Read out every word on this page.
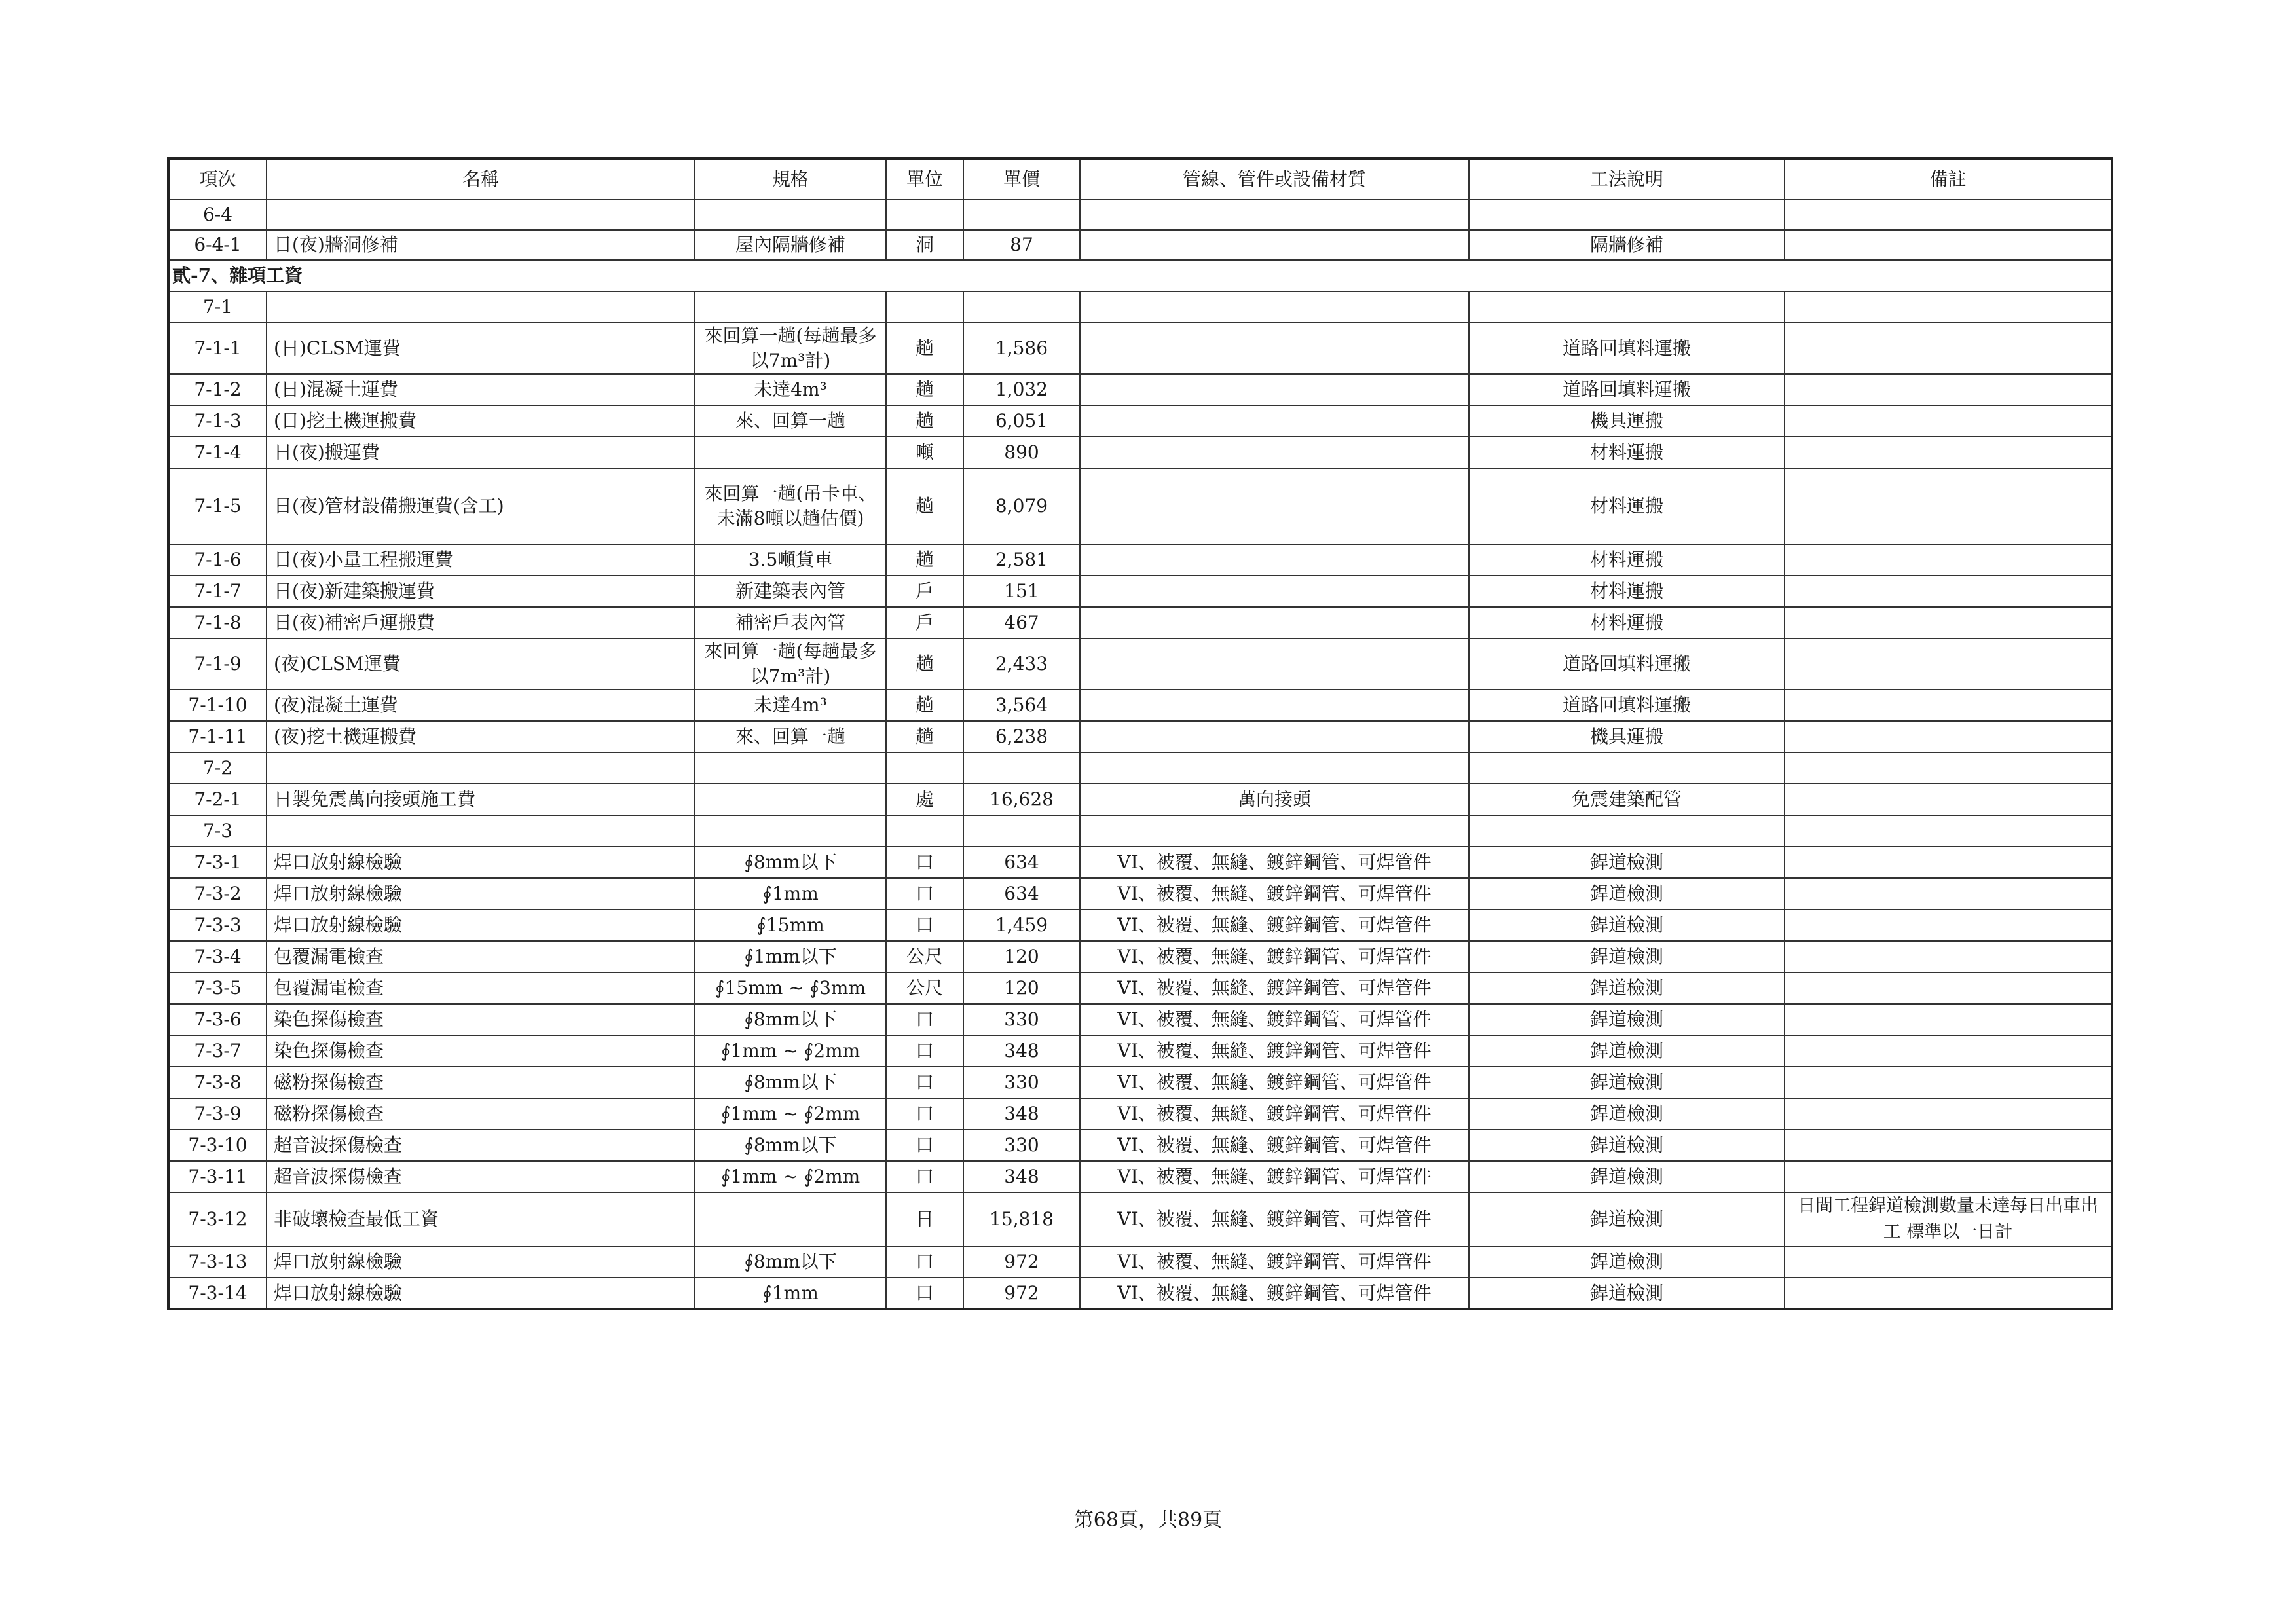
項次	名稱	規格	單位	單價	管線、管件或設備材質	工法說明	備註
6-4							
6-4-1	日(夜)牆洞修補	屋內隔牆修補	洞	87		隔牆修補	
貳-7、雜項工資							
7-1							
7-1-1	(日)CLSM運費	來回算一趟(每趟最多以7m³計)	趟	1,586		道路回填料運搬	
7-1-2	(日)混凝土運費	未達4m³	趟	1,032		道路回填料運搬	
7-1-3	(日)挖土機運搬費	來、回算一趟	趟	6,051		機具運搬	
7-1-4	日(夜)搬運費		噸	890		材料運搬	
7-1-5	日(夜)管材設備搬運費(含工)	來回算一趟(吊卡車、未滿8噸以趟估價)	趟	8,079		材料運搬	
7-1-6	日(夜)小量工程搬運費	3.5噸貨車	趟	2,581		材料運搬	
7-1-7	日(夜)新建築搬運費	新建築表內管	戶	151		材料運搬	
7-1-8	日(夜)補密戶運搬費	補密戶表內管	戶	467		材料運搬	
7-1-9	(夜)CLSM運費	來回算一趟(每趟最多以7m³計)	趟	2,433		道路回填料運搬	
7-1-10	(夜)混凝土運費	未達4m³	趟	3,564		道路回填料運搬	
7-1-11	(夜)挖土機運搬費	來、回算一趟	趟	6,238		機具運搬	
7-2							
7-2-1	日製免震萬向接頭施工費		處	16,628	萬向接頭	免震建築配管	
7-3							
7-3-1	焊口放射線檢驗	∮8mm以下	口	634	VI、被覆、無縫、鍍鋅鋼管、可焊管件	銲道檢測	
7-3-2	焊口放射線檢驗	∮1mm	口	634	VI、被覆、無縫、鍍鋅鋼管、可焊管件	銲道檢測	
7-3-3	焊口放射線檢驗	∮15mm	口	1,459	VI、被覆、無縫、鍍鋅鋼管、可焊管件	銲道檢測	
7-3-4	包覆漏電檢查	∮1mm以下	公尺	120	VI、被覆、無縫、鍍鋅鋼管、可焊管件	銲道檢測	
7-3-5	包覆漏電檢查	∮15mm ~ ∮3mm	公尺	120	VI、被覆、無縫、鍍鋅鋼管、可焊管件	銲道檢測	
7-3-6	染色探傷檢查	∮8mm以下	口	330	VI、被覆、無縫、鍍鋅鋼管、可焊管件	銲道檢測	
7-3-7	染色探傷檢查	∮1mm ~ ∮2mm	口	348	VI、被覆、無縫、鍍鋅鋼管、可焊管件	銲道檢測	
7-3-8	磁粉探傷檢查	∮8mm以下	口	330	VI、被覆、無縫、鍍鋅鋼管、可焊管件	銲道檢測	
7-3-9	磁粉探傷檢查	∮1mm ~ ∮2mm	口	348	VI、被覆、無縫、鍍鋅鋼管、可焊管件	銲道檢測	
7-3-10	超音波探傷檢查	∮8mm以下	口	330	VI、被覆、無縫、鍍鋅鋼管、可焊管件	銲道檢測	
7-3-11	超音波探傷檢查	∮1mm ~ ∮2mm	口	348	VI、被覆、無縫、鍍鋅鋼管、可焊管件	銲道檢測	
7-3-12	非破壞檢查最低工資		日	15,818	VI、被覆、無縫、鍍鋅鋼管、可焊管件	銲道檢測	日間工程銲道檢測數量未達每日出車出工 標準以一日計
7-3-13	焊口放射線檢驗	∮8mm以下	口	972	VI、被覆、無縫、鍍鋅鋼管、可焊管件	銲道檢測	
7-3-14	焊口放射線檢驗	∮1mm	口	972	VI、被覆、無縫、鍍鋅鋼管、可焊管件	銲道檢測	
第68頁，共89頁
